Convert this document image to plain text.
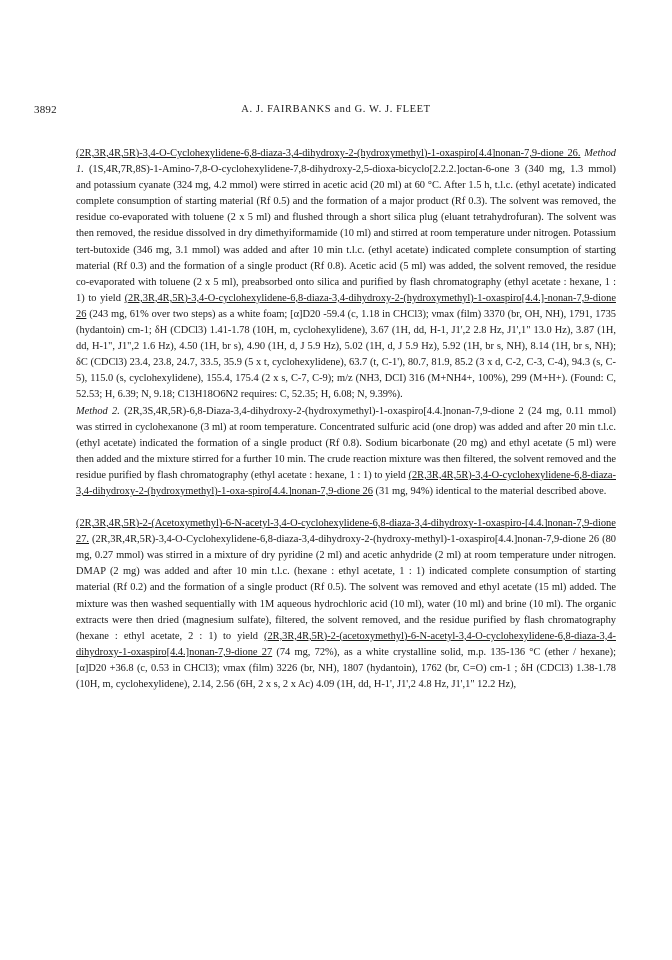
3892	A. J. FAIRBANKS and G. W. J. FLEET

(2R,3R,4R,5R)-3,4-O-Cyclohexylidene-6,8-diaza-3,4-dihydroxy-2-(hydroxymethyl)-1-oxaspiro[4.4]nonan-7,9-dione 26. Method 1. (1S,4R,7R,8S)-1-Amino-7,8-O-cyclohexylidene-7,8-dihydroxy-2,5-dioxa-bicyclo[2.2.2.]octan-6-one 3 (340 mg, 1.3 mmol) and potassium cyanate (324 mg, 4.2 mmol) were stirred in acetic acid (20 ml) at 60 °C. After 1.5 h, t.l.c. (ethyl acetate) indicated complete consumption of starting material (Rf 0.5) and the formation of a major product (Rf 0.3). The solvent was removed, the residue co-evaporated with toluene (2 x 5 ml) and flushed through a short silica plug (eluant tetrahydrofuran). The solvent was then removed, the residue dissolved in dry dimethyiformamide (10 ml) and stirred at room temperature under nitrogen. Potassium tert-butoxide (346 mg, 3.1 mmol) was added and after 10 min t.l.c. (ethyl acetate) indicated complete consumption of starting material (Rf 0.3) and the formation of a single product (Rf 0.8). Acetic acid (5 ml) was added, the solvent removed, the residue co-evaporated with toluene (2 x 5 ml), preabsorbed onto silica and purified by flash chromatography (ethyl acetate : hexane, 1 : 1) to yield (2R,3R,4R,5R)-3,4-O-cyclohexylidene-6,8-diaza-3,4-dihydroxy-2-(hydroxymethyl)-1-oxaspiro[4.4.]-nonan-7,9-dione 26 (243 mg, 61% over two steps) as a white foam; [α]D20 -59.4 (c, 1.18 in CHCl3); νmax (film) 3370 (br, OH, NH), 1791, 1735 (hydantoin) cm-1; δH (CDCl3) 1.41-1.78 (10H, m, cyclohexylidene), 3.67 (1H, dd, H-1, J1',2 2.8 Hz, J1',1" 13.0 Hz), 3.87 (1H, dd, H-1", J1",2 1.6 Hz), 4.50 (1H, br s), 4.90 (1H, d, J 5.9 Hz), 5.02 (1H, d, J 5.9 Hz), 5.92 (1H, br s, NH), 8.14 (1H, br s, NH); δC (CDCl3) 23.4, 23.8, 24.7, 33.5, 35.9 (5 x t, cyclohexylidene), 63.7 (t, C-1'), 80.7, 81.9, 85.2 (3 x d, C-2, C-3, C-4), 94.3 (s, C-5), 115.0 (s, cyclohexylidene), 155.4, 175.4 (2 x s, C-7, C-9); m/z (NH3, DCI) 316 (M+NH4+, 100%), 299 (M+H+). (Found: C, 52.53; H, 6.39; N, 9.18; C13H18O6N2 requires: C, 52.35; H, 6.08; N, 9.39%).
Method 2. (2R,3S,4R,5R)-6,8-Diaza-3,4-dihydroxy-2-(hydroxymethyl)-1-oxaspiro[4.4.]nonan-7,9-dione 2 (24 mg, 0.11 mmol) was stirred in cyclohexanone (3 ml) at room temperature. Concentrated sulfuric acid (one drop) was added and after 20 min t.l.c. (ethyl acetate) indicated the formation of a single product (Rf 0.8). Sodium bicarbonate (20 mg) and ethyl acetate (5 ml) were then added and the mixture stirred for a further 10 min. The crude reaction mixture was then filtered, the solvent removed and the residue purified by flash chromatography (ethyl acetate : hexane, 1 : 1) to yield (2R,3R,4R,5R)-3,4-O-cyclohexylidene-6,8-diaza-3,4-dihydroxy-2-(hydroxymethyl)-1-oxa-spiro[4.4.]nonan-7,9-dione 26 (31 mg, 94%) identical to the material described above.

(2R,3R,4R,5R)-2-(Acetoxymethyl)-6-N-acetyl-3,4-O-cyclohexylidene-6,8-diaza-3,4-dihydroxy-1-oxaspiro-[4.4.]nonan-7,9-dione 27. (2R,3R,4R,5R)-3,4-O-Cyclohexylidene-6,8-diaza-3,4-dihydroxy-2-(hydroxy-methyl)-1-oxaspiro[4.4.]nonan-7,9-dione 26 (80 mg, 0.27 mmol) was stirred in a mixture of dry pyridine (2 ml) and acetic anhydride (2 ml) at room temperature under nitrogen. DMAP (2 mg) was added and after 10 min t.l.c. (hexane : ethyl acetate, 1 : 1) indicated complete consumption of starting material (Rf 0.2) and the formation of a single product (Rf 0.5). The solvent was removed and ethyl acetate (15 ml) added. The mixture was then washed sequentially with 1M aqueous hydrochloric acid (10 ml), water (10 ml) and brine (10 ml). The organic extracts were then dried (magnesium sulfate), filtered, the solvent removed, and the residue purified by flash chromatography (hexane : ethyl acetate, 2 : 1) to yield (2R,3R,4R,5R)-2-(acetoxymethyl)-6-N-acetyl-3,4-O-cyclohexylidene-6,8-diaza-3,4-dihydroxy-1-oxaspiro[4.4.]nonan-7,9-dione 27 (74 mg, 72%), as a white crystalline solid, m.p. 135-136 °C (ether / hexane); [α]D20 +36.8 (c, 0.53 in CHCl3); νmax (film) 3226 (br, NH), 1807 (hydantoin), 1762 (br, C=O) cm-1 ; δH (CDCl3) 1.38-1.78 (10H, m, cyclohexylidene), 2.14, 2.56 (6H, 2 x s, 2 x Ac) 4.09 (1H, dd, H-1', J1',2 4.8 Hz, J1',1" 12.2 Hz),
